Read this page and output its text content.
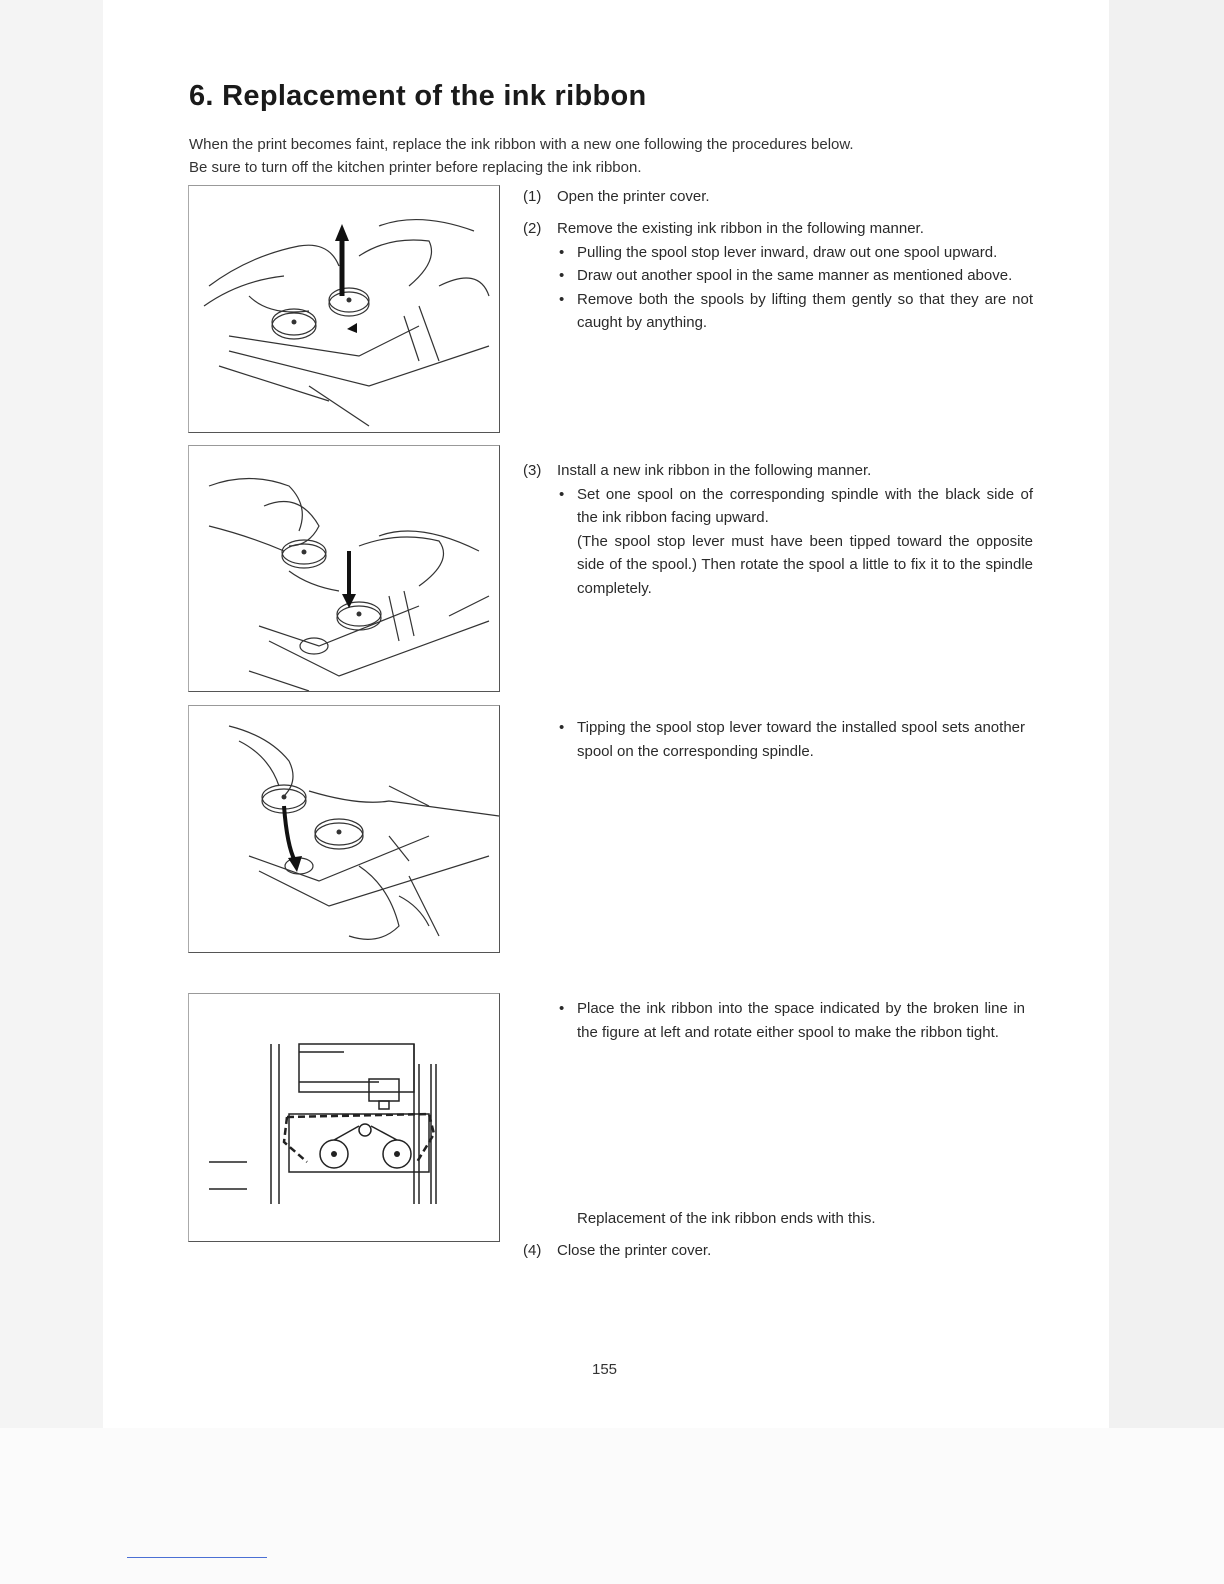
6. Replacement of the ink ribbon

When the print becomes faint, replace the ink ribbon with a new one following the procedures below.

Be sure to turn off the kitchen printer before replacing the ink ribbon.

(1) Open the printer cover.
(2) Remove the existing ink ribbon in the following manner.
• Pulling the spool stop lever inward, draw out one spool upward.
• Draw out another spool in the same manner as mentioned above.
• Remove both the spools by lifting them gently so that they are not caught by anything.
(3) Install a new ink ribbon in the following manner.
• Set one spool on the corresponding spindle with the black side of the ink ribbon facing upward.
(The spool stop lever must have been tipped toward the opposite side of the spool.) Then rotate the spool a little to fix it to the spindle completely.
• Tipping the spool stop lever toward the installed spool sets another spool on the corresponding spindle.
• Place the ink ribbon into the space indicated by the broken line in the figure at left and rotate either spool to make the ribbon tight.
Replacement of the ink ribbon ends with this.
(4) Close the printer cover.
155
